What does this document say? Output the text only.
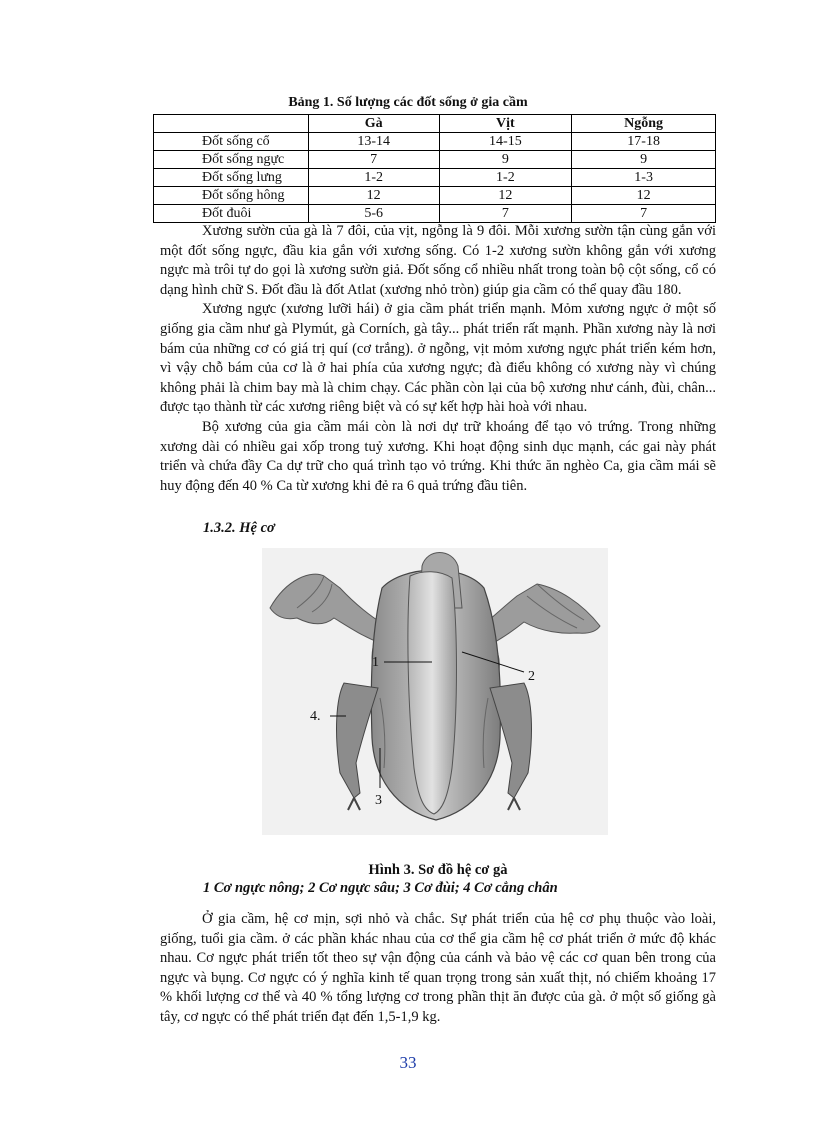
Bảng 1. Số lượng các đốt sống ở gia cầm
	Gà	Vịt	Ngỗng
Đốt sống cổ	13-14	14-15	17-18
Đốt sống ngực	7	9	9
Đốt sống lưng	1-2	1-2	1-3
Đốt sống hông	12	12	12
Đốt đuôi	5-6	7	7

Xương sườn của gà là 7 đôi, của vịt, ngỗng là 9 đôi. Mỗi xương sườn tận cùng gắn với một đốt sống ngực, đầu kia gắn với xương sống. Có 1-2 xương sườn không gắn với xương ngực mà trôi tự do gọi là xương sườn giả. Đốt sống cổ nhiều nhất trong toàn bộ cột sống, cổ có dạng hình chữ S. Đốt đầu là đốt Atlat (xương nhỏ tròn) giúp gia cầm có thể quay đầu 180.

Xương ngực (xương lưỡi hái) ở gia cầm phát triển mạnh. Mỏm xương ngực ở một số giống gia cầm như gà Plymút, gà Corních, gà tây... phát triển rất mạnh. Phần xương này là nơi bám của những cơ có giá trị quí (cơ trắng). ở ngỗng, vịt mỏm xương ngực phát triển kém hơn, vì vậy chỗ bám của cơ là ở hai phía của xương ngực; đà điểu không có xương này vì chúng không phải là chim bay mà là chim chạy. Các phần còn lại của bộ xương như cánh, đùi, chân... được tạo thành từ các xương riêng biệt và có sự kết hợp hài hoà với nhau.

Bộ xương của gia cầm mái còn là nơi dự trữ khoáng để tạo vỏ trứng. Trong những xương dài có nhiều gai xốp trong tuỷ xương. Khi hoạt động sinh dục mạnh, các gai này phát triển và chứa đầy Ca dự trữ cho quá trình tạo vỏ trứng. Khi thức ăn nghèo Ca, gia cầm mái sẽ huy động đến 40 % Ca từ xương khi đẻ ra 6 quả trứng đầu tiên.

1.3.2. Hệ cơ
1
2
3
4.
Hình 3. Sơ đồ hệ cơ gà
1 Cơ ngực nông; 2 Cơ ngực sâu; 3 Cơ đùi; 4 Cơ cẳng chân

Ở gia cầm, hệ cơ mịn, sợi nhỏ và chắc. Sự phát triển của hệ cơ phụ thuộc vào loài, giống, tuổi gia cầm. ở các phần khác nhau của cơ thể gia cầm hệ cơ phát triển ở mức độ khác nhau. Cơ ngực phát triển tốt theo sự vận động của cánh và bảo vệ các cơ quan bên trong của ngực và bụng. Cơ ngực có ý nghĩa kinh tế quan trọng trong sản xuất thịt, nó chiếm khoảng 17 % khối lượng cơ thể và 40 % tổng lượng cơ trong phần thịt ăn được của gà. ở một số giống gà tây, cơ ngực có thể phát triển đạt đến 1,5-1,9 kg.

33
